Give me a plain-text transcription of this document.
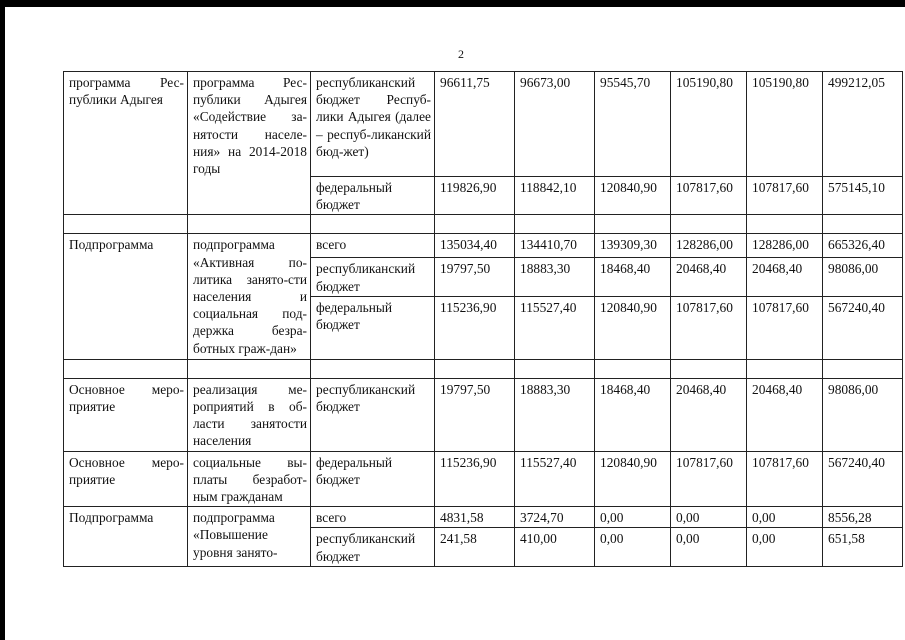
2
программа Рес-публики Адыгея	программа Рес-публики Адыгея «Содействие за-нятости населе-ния» на 2014-2018 годы	республиканский бюджет Респуб-лики Адыгея (далее – респуб-ликанский бюд-жет)	96611,75	96673,00	95545,70	105190,80	105190,80	499212,05
		федеральный бюджет	119826,90	118842,10	120840,90	107817,60	107817,60	575145,10

Подпрограмма	подпрограмма «Активная по-литика занято-сти населения и социальная под-держка безра-ботных граж-дан»	всего	135034,40	134410,70	139309,30	128286,00	128286,00	665326,40
		республиканский бюджет	19797,50	18883,30	18468,40	20468,40	20468,40	98086,00
		федеральный бюджет	115236,90	115527,40	120840,90	107817,60	107817,60	567240,40

Основное меро-приятие	реализация ме-роприятий в об-ласти занятости населения	республиканский бюджет	19797,50	18883,30	18468,40	20468,40	20468,40	98086,00
Основное меро-приятие	социальные вы-платы безработ-ным гражданам	федеральный бюджет	115236,90	115527,40	120840,90	107817,60	107817,60	567240,40
Подпрограмма	подпрограмма «Повышение уровня занято-	всего	4831,58	3724,70	0,00	0,00	0,00	8556,28
		республиканский бюджет	241,58	410,00	0,00	0,00	0,00	651,58
